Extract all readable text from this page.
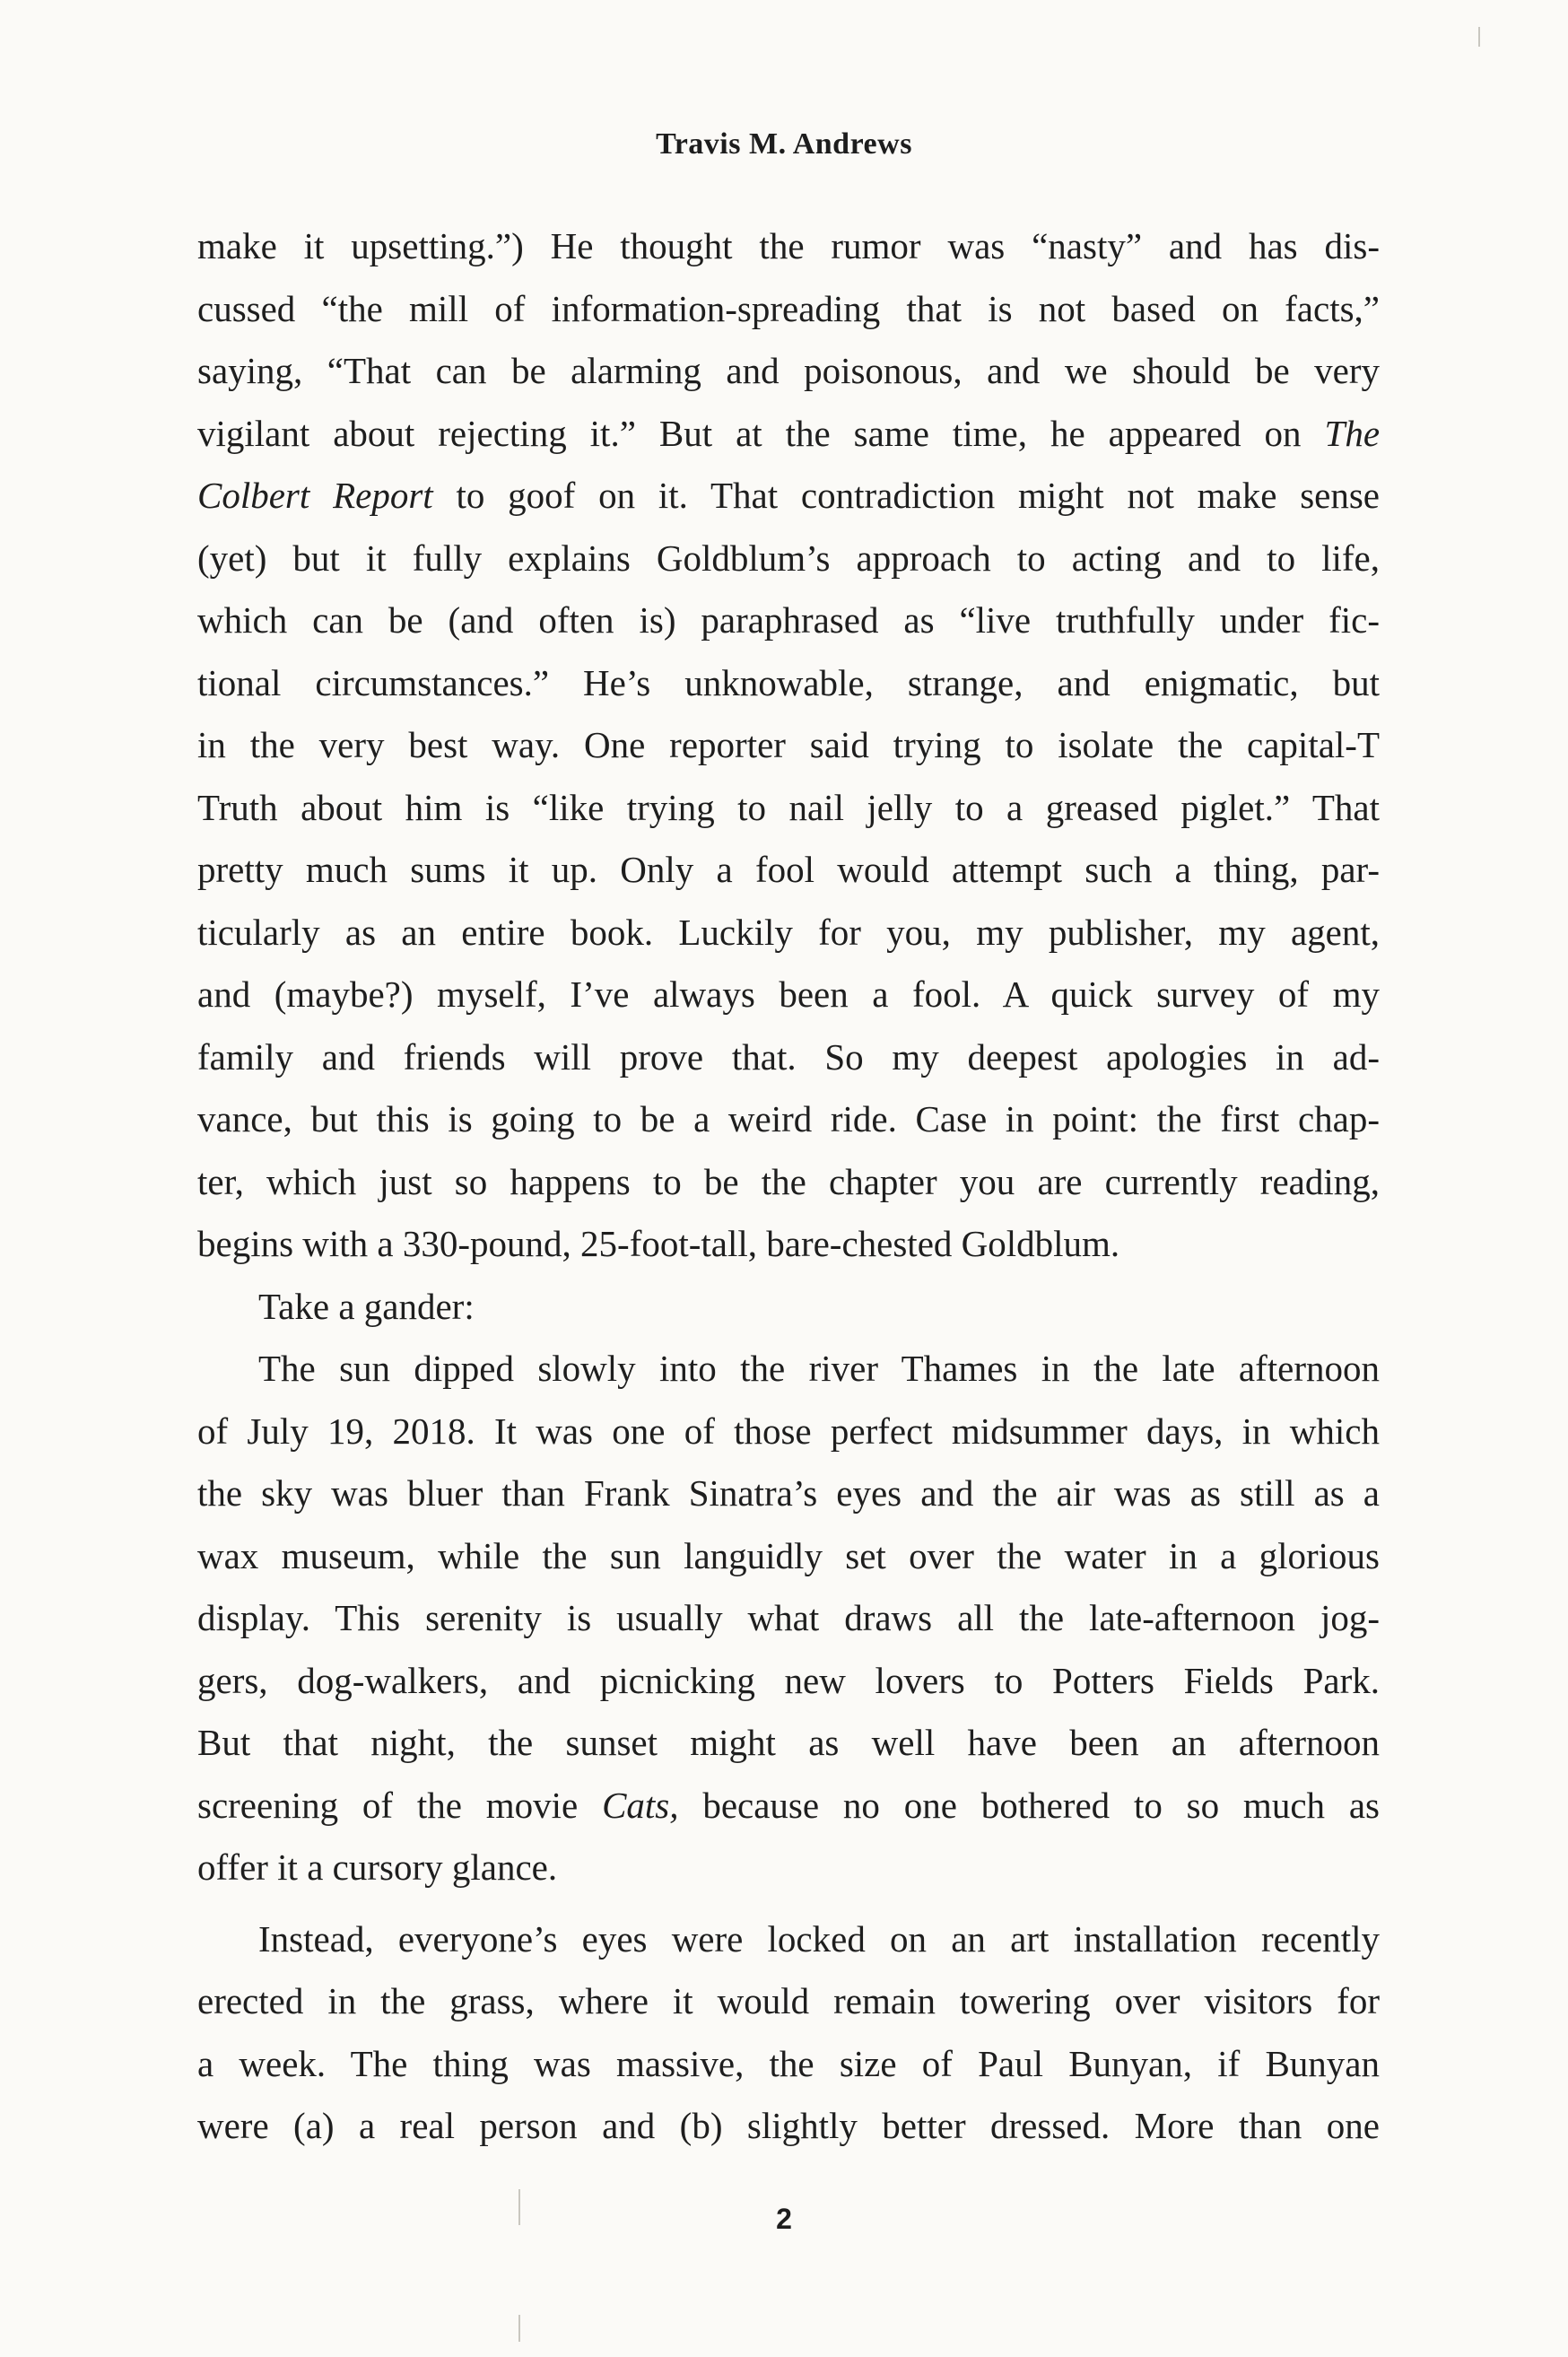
Travis M. Andrews
make it upsetting.”) He thought the rumor was “nasty” and has dis-
cussed “the mill of information-spreading that is not based on facts,”
saying, “That can be alarming and poisonous, and we should be very
vigilant about rejecting it.” But at the same time, he appeared on The
Colbert Report to goof on it. That contradiction might not make sense
(yet) but it fully explains Goldblum’s approach to acting and to life,
which can be (and often is) paraphrased as “live truthfully under fic-
tional circumstances.” He’s unknowable, strange, and enigmatic, but
in the very best way. One reporter said trying to isolate the capital-T
Truth about him is “like trying to nail jelly to a greased piglet.” That
pretty much sums it up. Only a fool would attempt such a thing, par-
ticularly as an entire book. Luckily for you, my publisher, my agent,
and (maybe?) myself, I’ve always been a fool. A quick survey of my
family and friends will prove that. So my deepest apologies in ad-
vance, but this is going to be a weird ride. Case in point: the first chap-
ter, which just so happens to be the chapter you are currently reading,
begins with a 330-pound, 25-foot-tall, bare-chested Goldblum.
Take a gander:
The sun dipped slowly into the river Thames in the late afternoon
of July 19, 2018. It was one of those perfect midsummer days, in which
the sky was bluer than Frank Sinatra’s eyes and the air was as still as a
wax museum, while the sun languidly set over the water in a glorious
display. This serenity is usually what draws all the late-afternoon jog-
gers, dog-walkers, and picnicking new lovers to Potters Fields Park.
But that night, the sunset might as well have been an afternoon
screening of the movie Cats, because no one bothered to so much as
offer it a cursory glance.
Instead, everyone’s eyes were locked on an art installation recently
erected in the grass, where it would remain towering over visitors for
a week. The thing was massive, the size of Paul Bunyan, if Bunyan
were (a) a real person and (b) slightly better dressed. More than one
2
